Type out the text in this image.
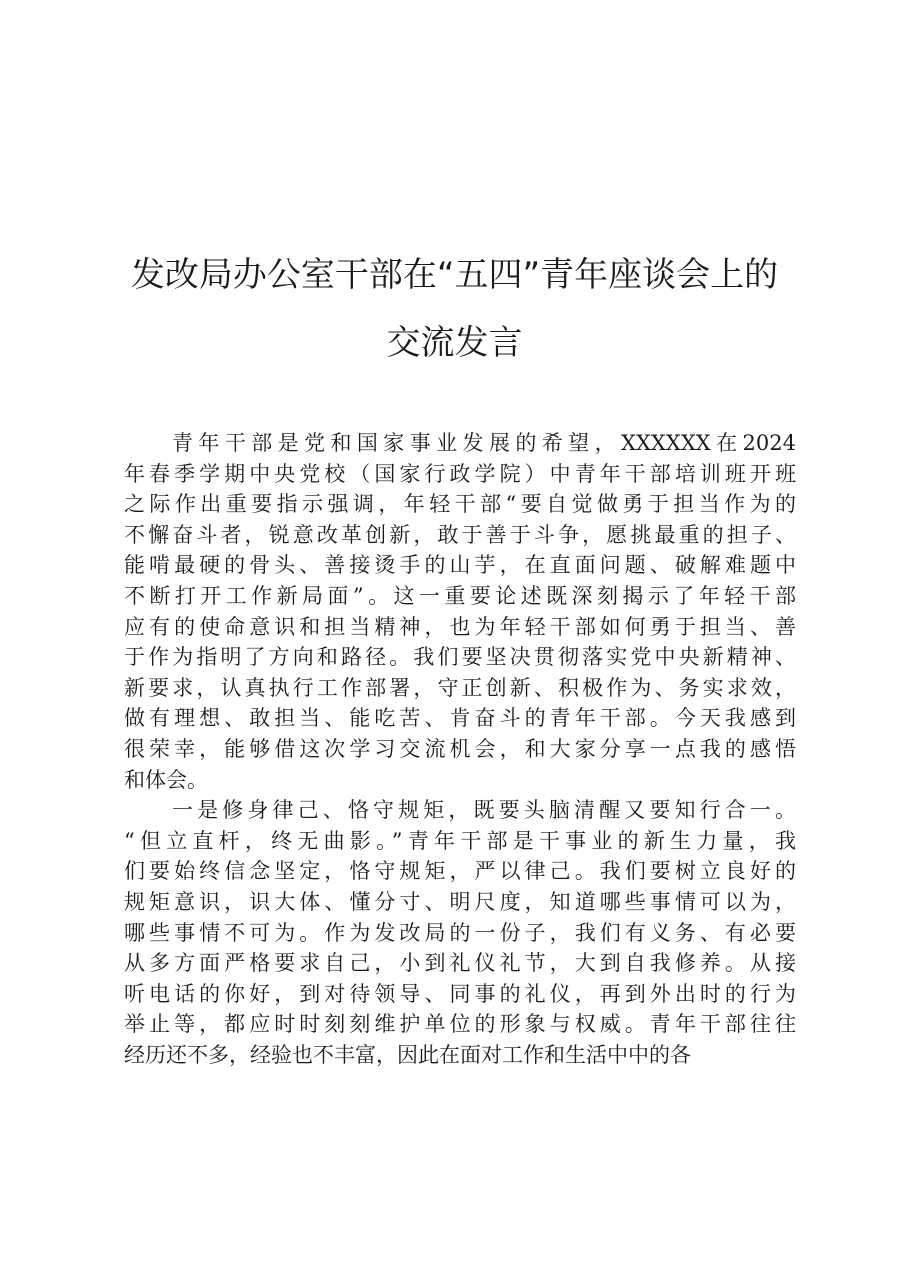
发改局办公室干部在“五四”青年座谈会上的
交流发言
青年干部是党和国家事业发展的希望，XXXXXX在2024
年春季学期中央党校（国家行政学院）中青年干部培训班开班
之际作出重要指示强调，年轻干部“要自觉做勇于担当作为的
不懈奋斗者，锐意改革创新，敢于善于斗争，愿挑最重的担子、
能啃最硬的骨头、善接烫手的山芋，在直面问题、破解难题中
不断打开工作新局面”。这一重要论述既深刻揭示了年轻干部
应有的使命意识和担当精神，也为年轻干部如何勇于担当、善
于作为指明了方向和路径。我们要坚决贯彻落实党中央新精神、
新要求，认真执行工作部署，守正创新、积极作为、务实求效，
做有理想、敢担当、能吃苦、肯奋斗的青年干部。今天我感到
很荣幸，能够借这次学习交流机会，和大家分享一点我的感悟
和体会。
一是修身律己、恪守规矩，既要头脑清醒又要知行合一。
“但立直杆，终无曲影。”青年干部是干事业的新生力量，我
们要始终信念坚定，恪守规矩，严以律己。我们要树立良好的
规矩意识，识大体、懂分寸、明尺度，知道哪些事情可以为，
哪些事情不可为。作为发改局的一份子，我们有义务、有必要
从多方面严格要求自己，小到礼仪礼节，大到自我修养。从接
听电话的你好，到对待领导、同事的礼仪，再到外出时的行为
举止等，都应时时刻刻维护单位的形象与权威。青年干部往往
经历还不多，经验也不丰富，因此在面对工作和生活中中的各
